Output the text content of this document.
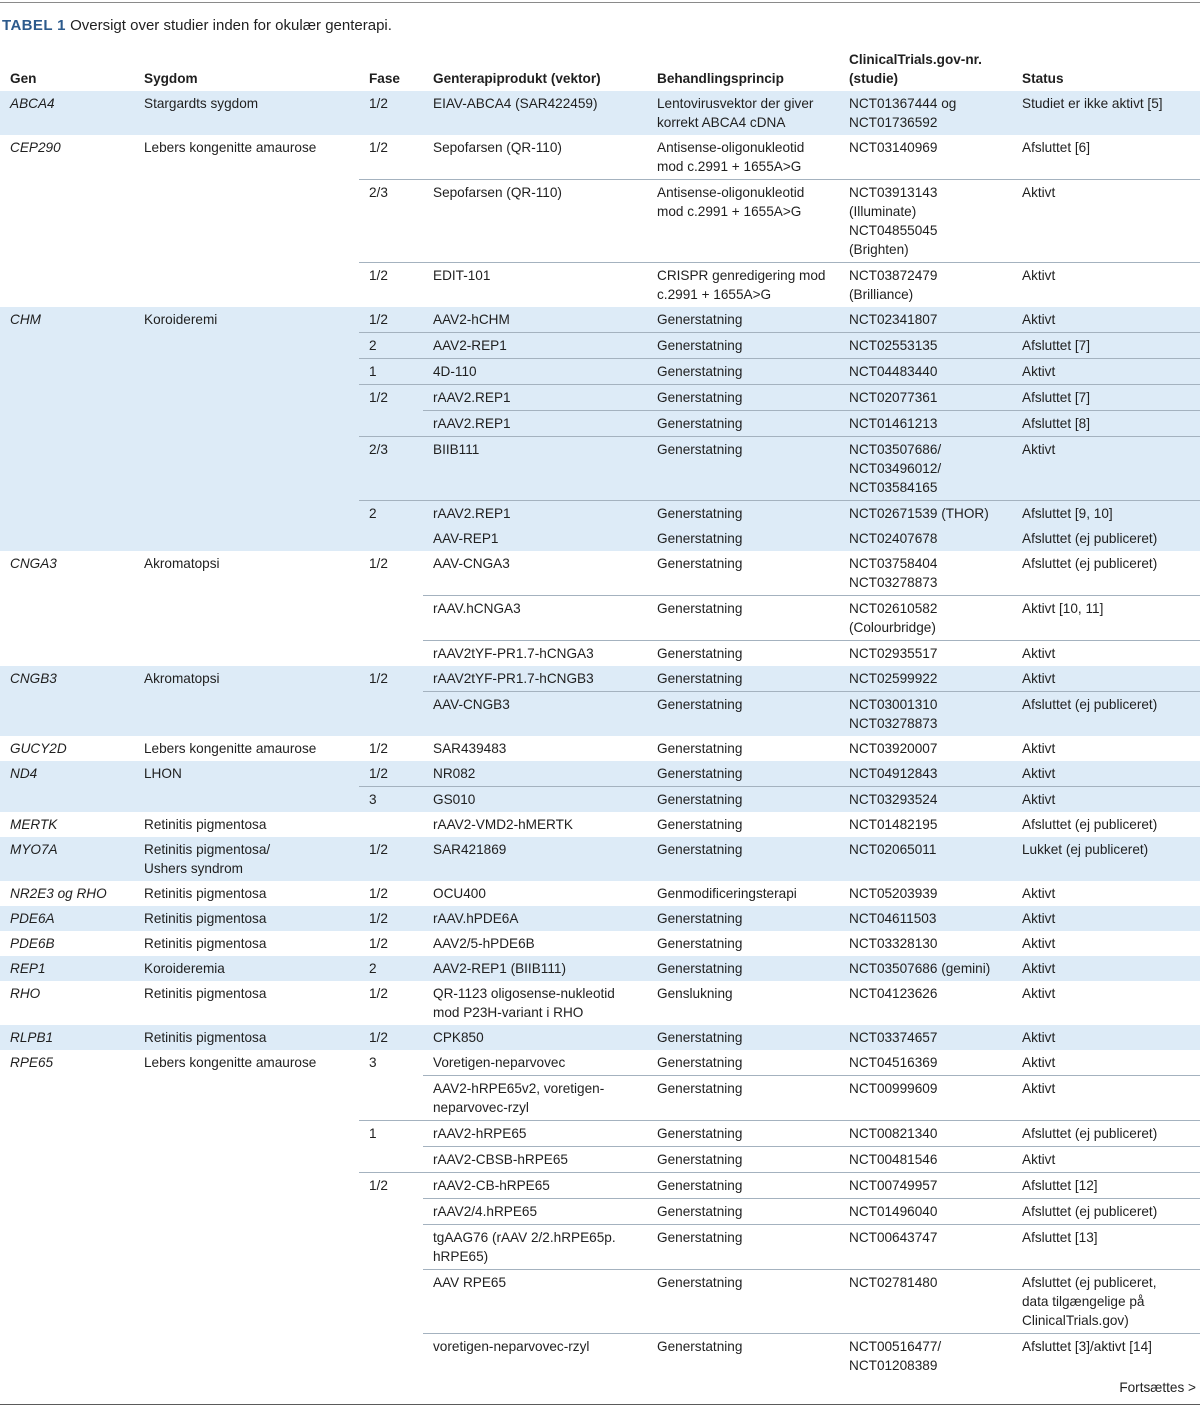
TABEL 1 Oversigt over studier inden for okulær genterapi.
Gen	Sygdom	Fase	Genterapiprodukt (vektor)	Behandlingsprincip	ClinicalTrials.gov-nr.
(studie)	Status

ABCA4	Stargardts sygdom	1/2	EIAV-ABCA4 (SAR422459)	Lentovirusvektor der giver
korrekt ABCA4 cDNA	NCT01367444 og
NCT01736592	Studiet er ikke aktivt [5]

CEP290	Lebers kongenitte amaurose	1/2	Sepofarsen (QR-110)	Antisense-oligonukleotid
mod c.2991 + 1655A>G	NCT03140969	Afsluttet [6]

		2/3	Sepofarsen (QR-110)	Antisense-oligonukleotid
mod c.2991 + 1655A>G	NCT03913143
(Illuminate)
NCT04855045
(Brighten)	Aktivt

		1/2	EDIT-101	CRISPR genredigering mod
c.2991 + 1655A>G	NCT03872479
(Brilliance)	Aktivt

CHM	Koroideremi	1/2	AAV2-hCHM	Generstatning	NCT02341807	Aktivt

		2	AAV2-REP1	Generstatning	NCT02553135	Afsluttet [7]

		1	4D-110	Generstatning	NCT04483440	Aktivt

		1/2	rAAV2.REP1	Generstatning	NCT02077361	Afsluttet [7]

			rAAV2.REP1	Generstatning	NCT01461213	Afsluttet [8]

		2/3	BIIB111	Generstatning	NCT03507686/
NCT03496012/
NCT03584165	Aktivt

		2	rAAV2.REP1	Generstatning	NCT02671539 (THOR)	Afsluttet [9, 10]

			AAV-REP1	Generstatning	NCT02407678	Afsluttet (ej publiceret)

CNGA3	Akromatopsi	1/2	AAV-CNGA3	Generstatning	NCT03758404
NCT03278873	Afsluttet (ej publiceret)

			rAAV.hCNGA3	Generstatning	NCT02610582
(Colourbridge)	Aktivt [10, 11]

			rAAV2tYF-PR1.7-hCNGA3	Generstatning	NCT02935517	Aktivt

CNGB3	Akromatopsi	1/2	rAAV2tYF-PR1.7-hCNGB3	Generstatning	NCT02599922	Aktivt

			AAV-CNGB3	Generstatning	NCT03001310
NCT03278873	Afsluttet (ej publiceret)

GUCY2D	Lebers kongenitte amaurose	1/2	SAR439483	Generstatning	NCT03920007	Aktivt

ND4	LHON	1/2	NR082	Generstatning	NCT04912843	Aktivt

		3	GS010	Generstatning	NCT03293524	Aktivt

MERTK	Retinitis pigmentosa		rAAV2-VMD2-hMERTK	Generstatning	NCT01482195	Afsluttet (ej publiceret)

MYO7A	Retinitis pigmentosa/
Ushers syndrom	1/2	SAR421869	Generstatning	NCT02065011	Lukket (ej publiceret)

NR2E3 og RHO	Retinitis pigmentosa	1/2	OCU400	Genmodificeringsterapi	NCT05203939	Aktivt

PDE6A	Retinitis pigmentosa	1/2	rAAV.hPDE6A	Generstatning	NCT04611503	Aktivt

PDE6B	Retinitis pigmentosa	1/2	AAV2/5-hPDE6B	Generstatning	NCT03328130	Aktivt

REP1	Koroideremia	2	AAV2-REP1 (BIIB111)	Generstatning	NCT03507686 (gemini)	Aktivt

RHO	Retinitis pigmentosa	1/2	QR-1123 oligosense-nukleotid
mod P23H-variant i RHO	Genslukning	NCT04123626	Aktivt

RLPB1	Retinitis pigmentosa	1/2	CPK850	Generstatning	NCT03374657	Aktivt

RPE65	Lebers kongenitte amaurose	3	Voretigen-neparvovec	Generstatning	NCT04516369	Aktivt

			AAV2-hRPE65v2, voretigen-
neparvovec-rzyl	Generstatning	NCT00999609	Aktivt

		1	rAAV2-hRPE65	Generstatning	NCT00821340	Afsluttet (ej publiceret)

			rAAV2-CBSB-hRPE65	Generstatning	NCT00481546	Aktivt

		1/2	rAAV2-CB-hRPE65	Generstatning	NCT00749957	Afsluttet [12]

			rAAV2/4.hRPE65	Generstatning	NCT01496040	Afsluttet (ej publiceret)

			tgAAG76 (rAAV 2/2.hRPE65p.
hRPE65)	Generstatning	NCT00643747	Afsluttet [13]

			AAV RPE65	Generstatning	NCT02781480	Afsluttet (ej publiceret,
data tilgængelige på
ClinicalTrials.gov)

			voretigen-neparvovec-rzyl	Generstatning	NCT00516477/
NCT01208389	Afsluttet [3]/aktivt [14]
Fortsættes >
